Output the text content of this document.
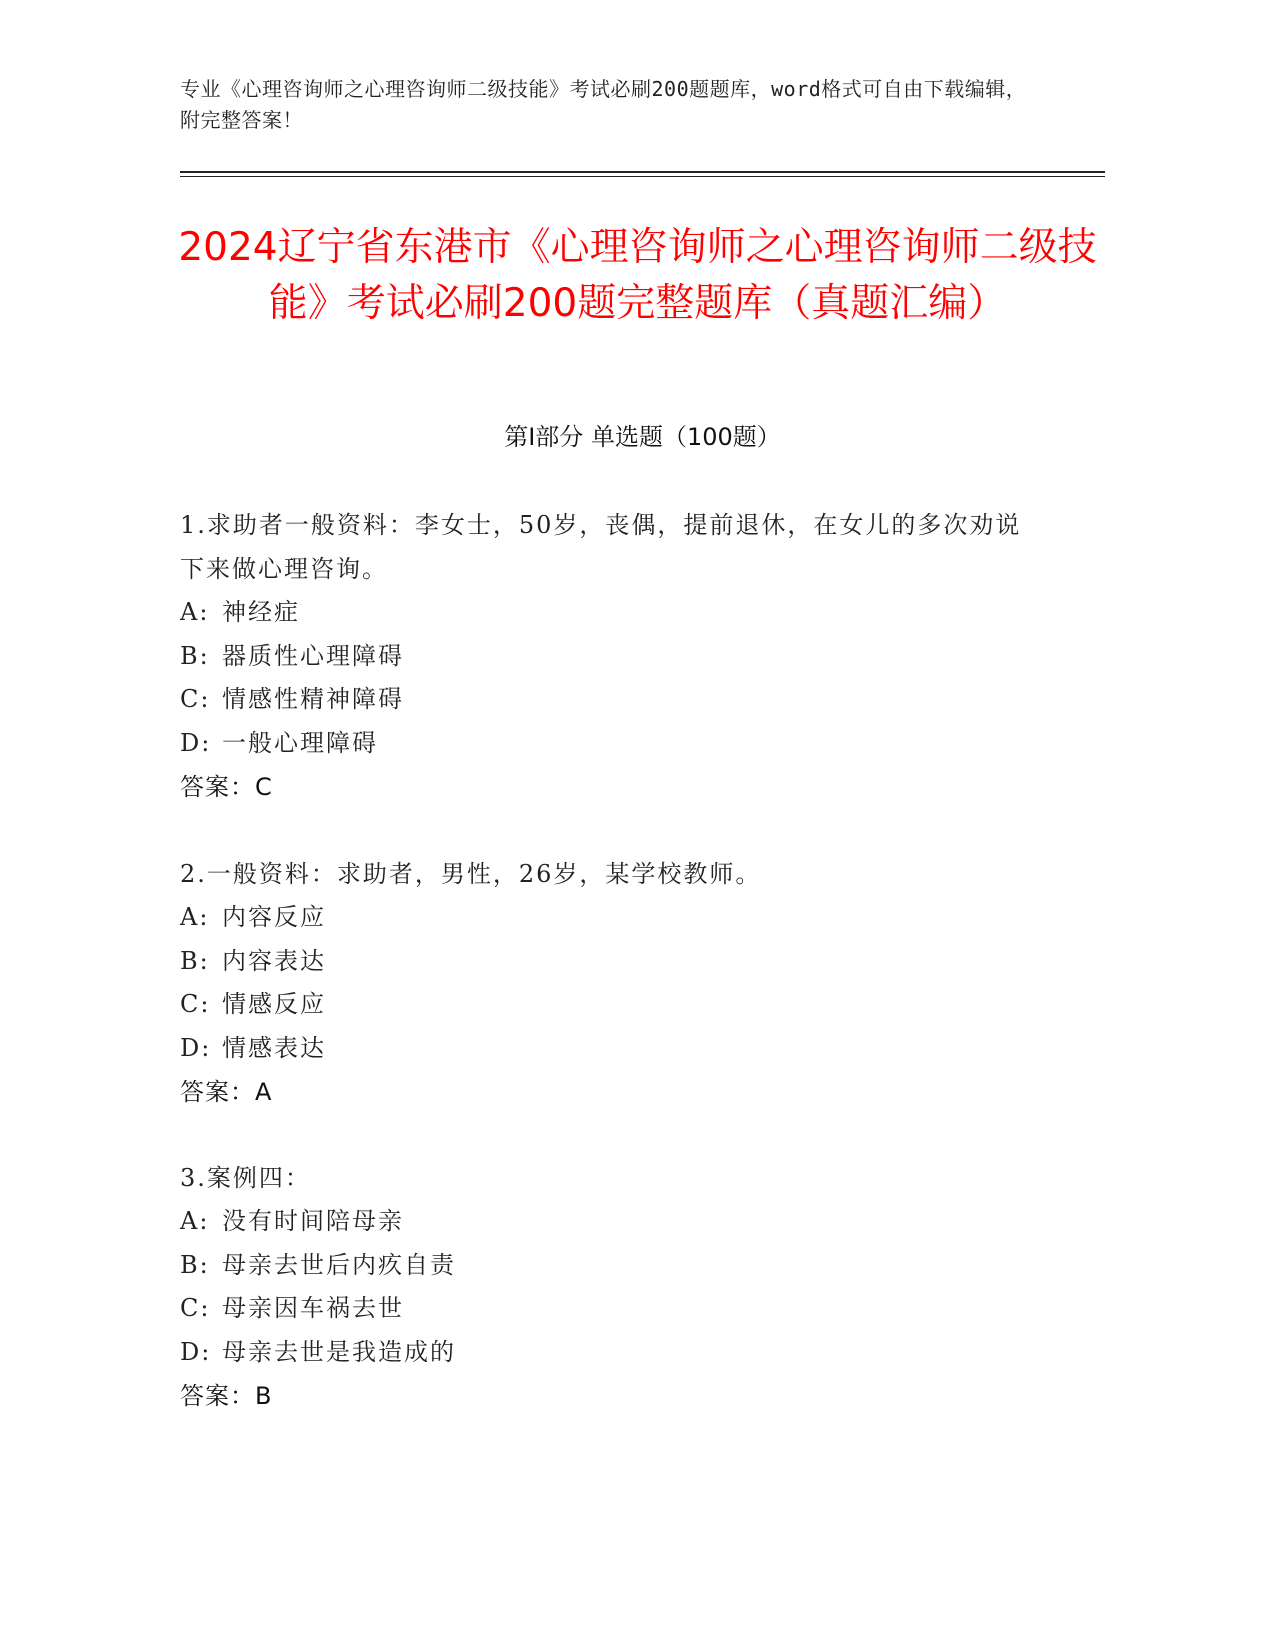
专业《心理咨询师之心理咨询师二级技能》考试必刷200题题库，word格式可自由下载编辑，附完整答案！
2024辽宁省东港市《心理咨询师之心理咨询师二级技能》考试必刷200题完整题库（真题汇编）
第I部分 单选题（100题）
1.求助者一般资料：李女士，50岁，丧偶，提前退休，在女儿的多次劝说下来做心理咨询。
A: 神经症
B: 器质性心理障碍
C: 情感性精神障碍
D: 一般心理障碍
答案：C
2.一般资料：求助者，男性，26岁，某学校教师。
A: 内容反应
B: 内容表达
C: 情感反应
D: 情感表达
答案：A
3.案例四：
A: 没有时间陪母亲
B: 母亲去世后内疚自责
C: 母亲因车祸去世
D: 母亲去世是我造成的
答案：B
